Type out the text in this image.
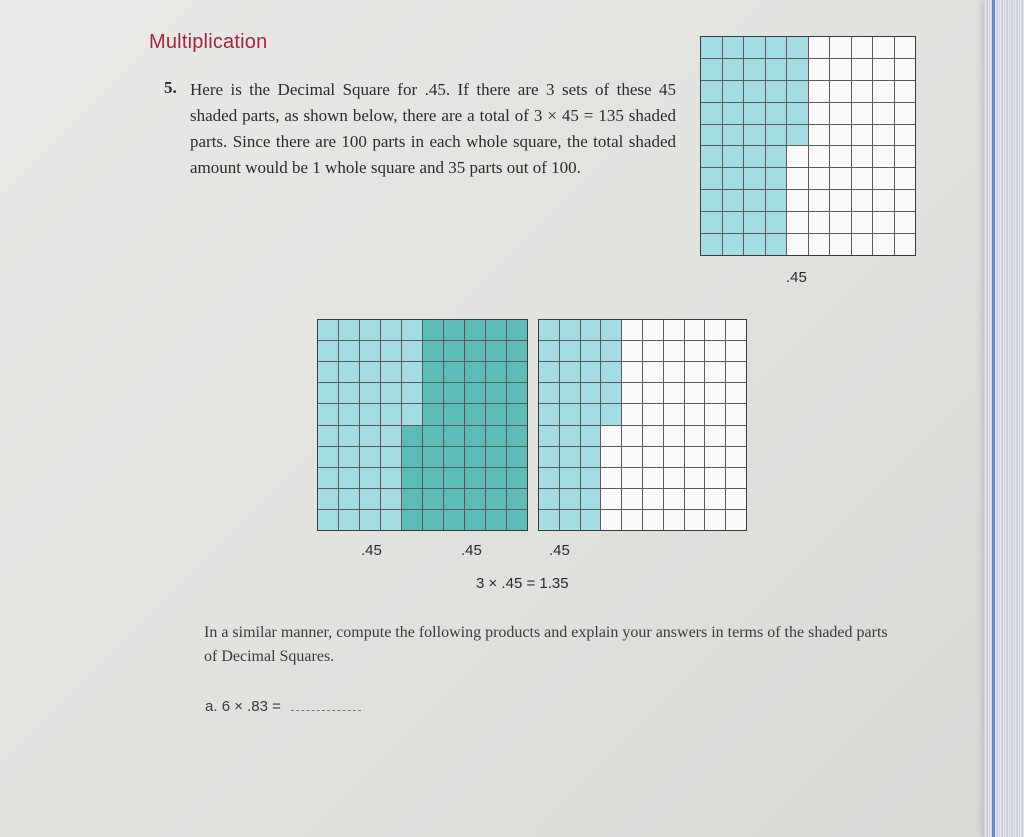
Multiplication
5. Here is the Decimal Square for .45. If there are 3 sets of these 45 shaded parts, as shown below, there are a total of 3 × 45 = 135 shaded parts. Since there are 100 parts in each whole square, the total shaded amount would be 1 whole square and 35 parts out of 100.

.45
.45	.45	.45
3 × .45 = 1.35

In a similar manner, compute the following products and explain your answers in terms of the shaded parts of Decimal Squares.

a. 6 × .83 =
